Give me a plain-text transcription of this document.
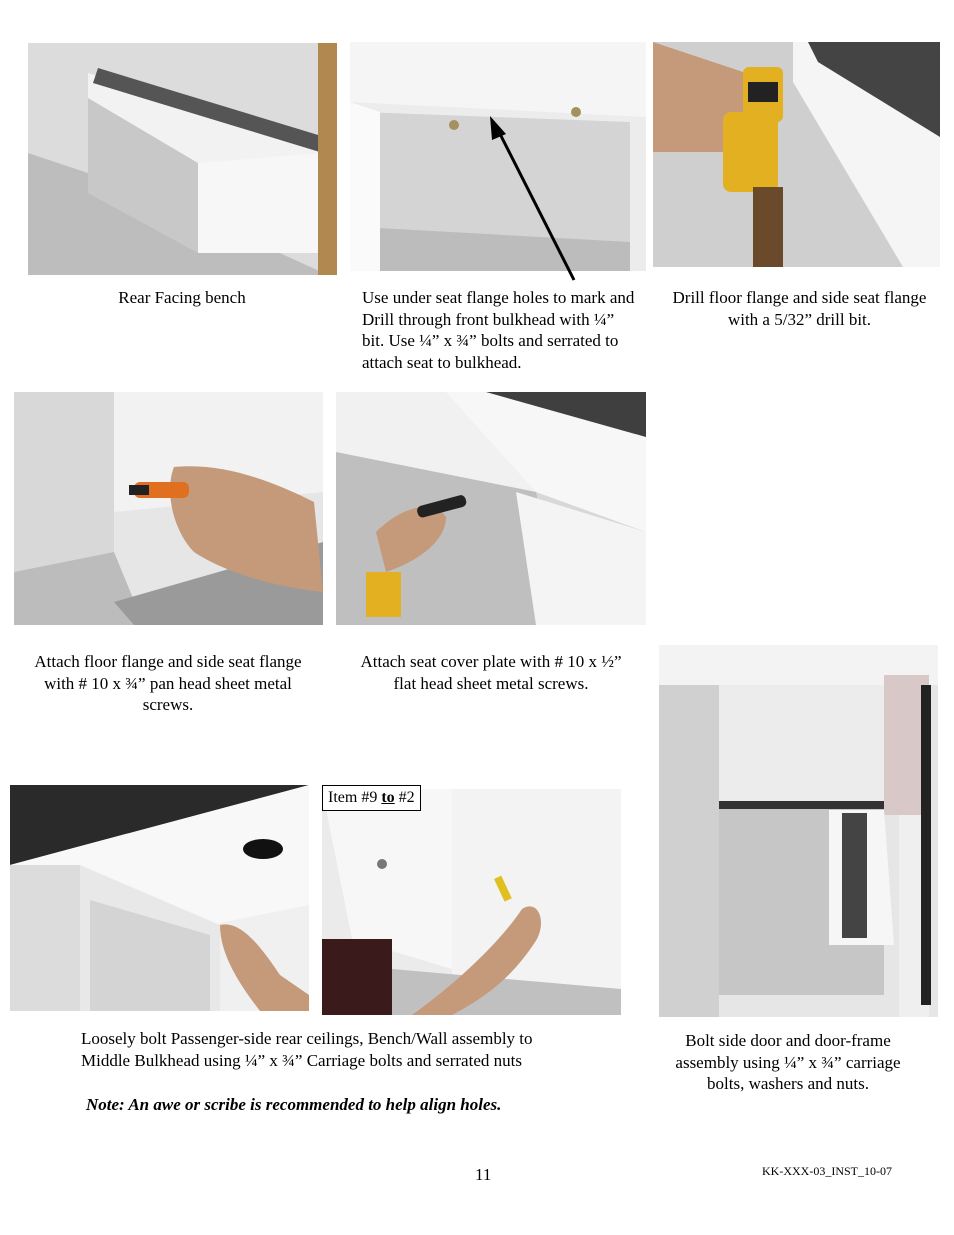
Item #9 to #2
Rear Facing bench	Use under seat flange holes to mark and Drill through front bulkhead with ¼” bit. Use ¼” x ¾” bolts and serrated to attach seat to bulkhead.
Drill floor flange and side seat flange with a 5/32” drill bit.
Attach floor flange and side seat flange with # 10 x ¾” pan head sheet metal screws.
Attach seat cover plate with # 10 x ½” flat head sheet metal screws.
Loosely bolt Passenger-side rear ceilings, Bench/Wall assembly to Middle Bulkhead using ¼” x ¾” Carriage bolts and serrated nuts
Note: An awe or scribe is recommended to help align holes.
Bolt side door and door-frame assembly using ¼” x ¾” carriage bolts, washers and nuts.
11	KK-XXX-03_INST_10-07
